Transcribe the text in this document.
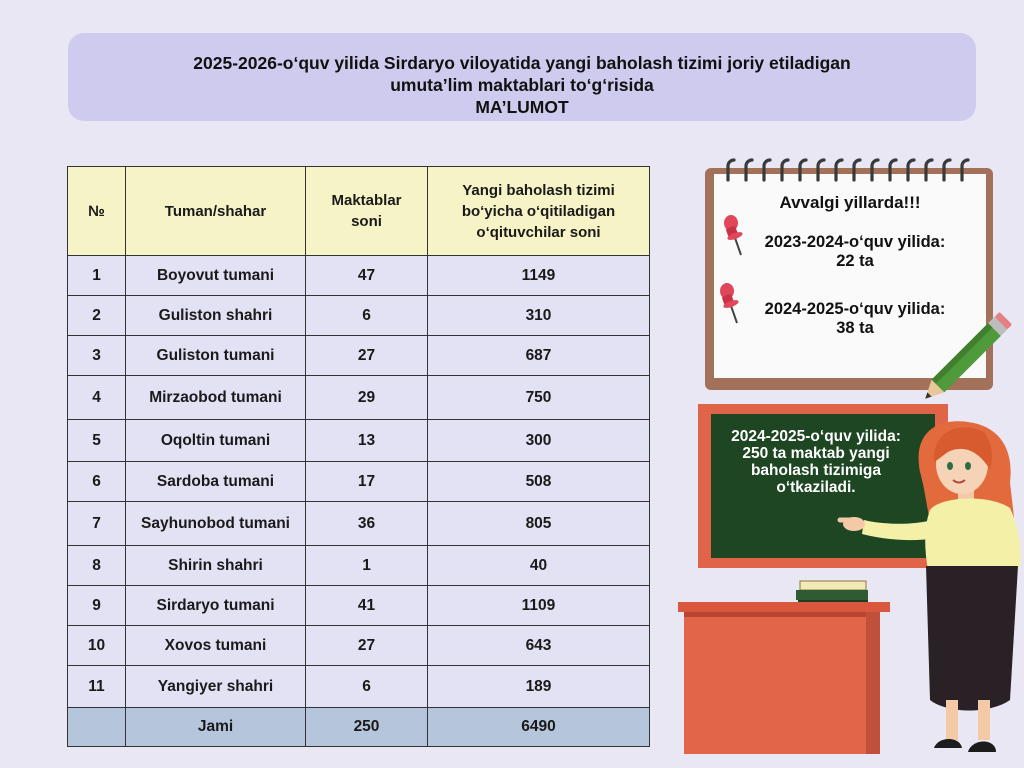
2025-2026-o‘quv yilida Sirdaryo viloyatida yangi baholash tizimi joriy etiladigan
umuta’lim maktablari to‘g‘risida
MA’LUMOT
№	Tuman/shahar	Maktablar soni	Yangi baholash tizimi bo‘yicha o‘qitiladigan o‘qituvchilar soni

1	Boyovut tumani	47	1149
2	Guliston shahri	6	310
3	Guliston tumani	27	687
4	Mirzaobod tumani	29	750
5	Oqoltin tumani	13	300
6	Sardoba tumani	17	508
7	Sayhunobod tumani	36	805
8	Shirin shahri	1	40
9	Sirdaryo tumani	41	1109
10	Xovos tumani	27	643
11	Yangiyer shahri	6	189
	Jami	250	6490
Avvalgi yillarda!!!
2023-2024-o‘quv yilida:
22 ta
2024-2025-o‘quv yilida:
38 ta
2024-2025-o‘quv yilida:
250 ta maktab yangi
baholash tizimiga
o‘tkaziladi.
